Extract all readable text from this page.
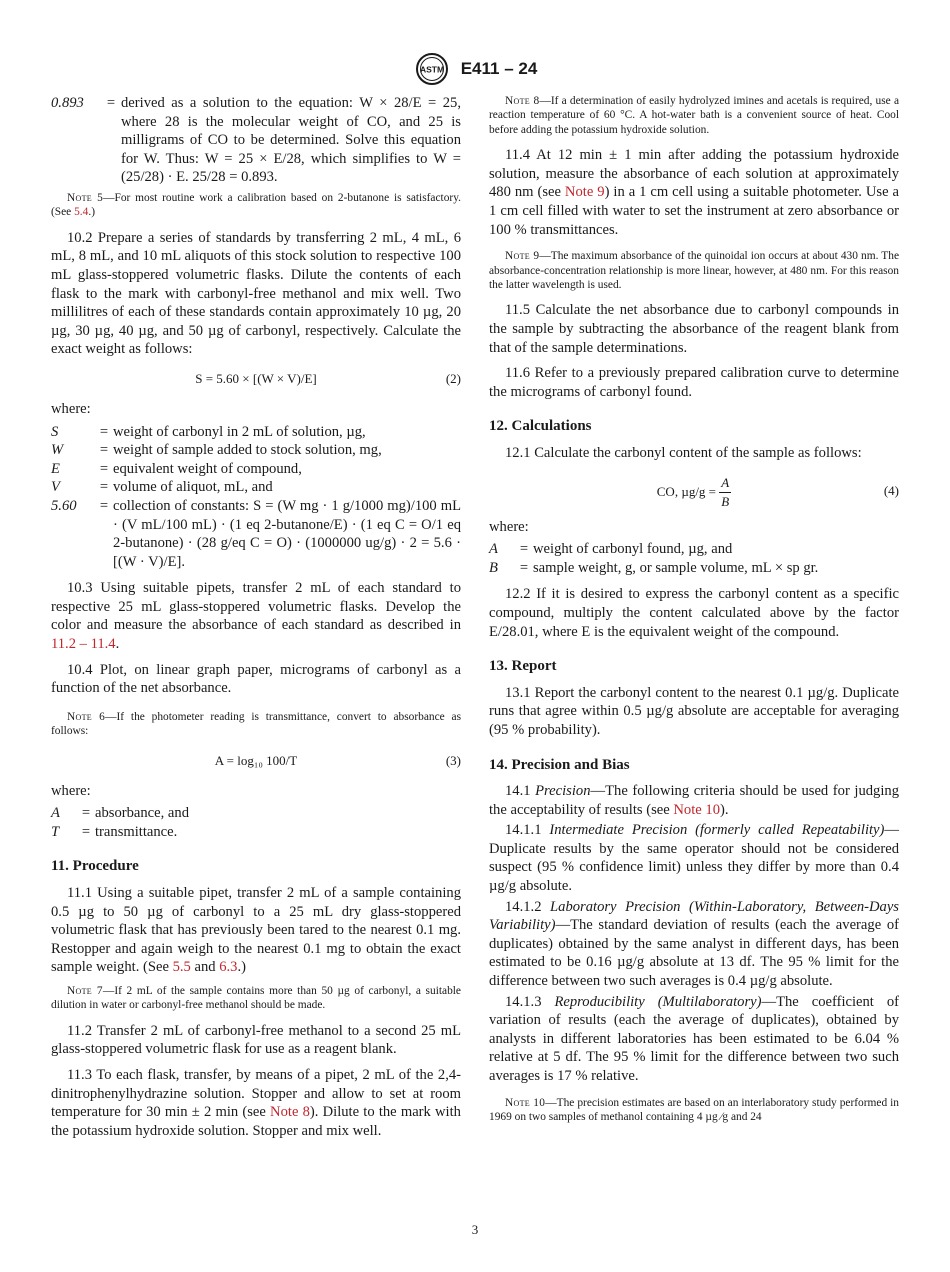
ASTM E411 – 24
0.893	= derived as a solution to the equation: W × 28/E = 25, where 28 is the molecular weight of CO, and 25 is milligrams of CO to be determined. Solve this equation for W. Thus: W = 25 × E/28, which simplifies to W = (25/28) · E. 25/28 = 0.893.

Note 5—For most routine work a calibration based on 2-butanone is satisfactory. (See 5.4.)

10.2 Prepare a series of standards by transferring 2 mL, 4 mL, 6 mL, 8 mL, and 10 mL aliquots of this stock solution to respective 100 mL glass-stoppered volumetric flasks. Dilute the contents of each flask to the mark with carbonyl-free methanol and mix well. Two millilitres of each of these standards contain approximately 10 µg, 20 µg, 30 µg, 40 µg, and 50 µg of carbonyl, respectively. Calculate the exact weight as follows:

S = 5.60 × [(W × V)/E]	(2)

where:

S	= weight of carbonyl in 2 mL of solution, µg,
W	= weight of sample added to stock solution, mg,
E	= equivalent weight of compound,
V	= volume of aliquot, mL, and
5.60	= collection of constants: S = (W mg · 1 g/1000 mg)/100 mL · (V mL/100 mL) · (1 eq 2-butanone/E) · (1 eq C = O/1 eq 2-butanone) · (28 g/eq C = O) · (1000000 ug/g) · 2 = 5.6 · [(W · V)/E].

10.3 Using suitable pipets, transfer 2 mL of each standard to respective 25 mL glass-stoppered volumetric flasks. Develop the color and measure the absorbance of each standard as described in 11.2 – 11.4.

10.4 Plot, on linear graph paper, micrograms of carbonyl as a function of the net absorbance.

Note 6—If the photometer reading is transmittance, convert to absorbance as follows:

A = log₁₀ 100/T	(3)

where:

A	= absorbance, and
T	= transmittance.
11. Procedure

11.1 Using a suitable pipet, transfer 2 mL of a sample containing 0.5 µg to 50 µg of carbonyl to a 25 mL dry glass-stoppered volumetric flask that has previously been tared to the nearest 0.1 mg. Restopper and again weigh to the nearest 0.1 mg to obtain the exact sample weight. (See 5.5 and 6.3.)

Note 7—If 2 mL of the sample contains more than 50 µg of carbonyl, a suitable dilution in water or carbonyl-free methanol should be made.

11.2 Transfer 2 mL of carbonyl-free methanol to a second 25 mL glass-stoppered volumetric flask for use as a reagent blank.

11.3 To each flask, transfer, by means of a pipet, 2 mL of the 2,4-dinitrophenylhydrazine solution. Stopper and allow to set at room temperature for 30 min ± 2 min (see Note 8). Dilute to the mark with the potassium hydroxide solution. Stopper and mix well.

Note 8—If a determination of easily hydrolyzed imines and acetals is required, use a reaction temperature of 60 °C. A hot-water bath is a convenient source of heat. Cool before adding the potassium hydroxide solution.

11.4 At 12 min ± 1 min after adding the potassium hydroxide solution, measure the absorbance of each solution at approximately 480 nm (see Note 9) in a 1 cm cell using a suitable photometer. Use a 1 cm cell filled with water to set the instrument at zero absorbance or 100 % transmittances.

Note 9—The maximum absorbance of the quinoidal ion occurs at about 430 nm. The absorbance-concentration relationship is more linear, however, at 480 nm. For this reason the latter wavelength is used.

11.5 Calculate the net absorbance due to carbonyl compounds in the sample by subtracting the absorbance of the reagent blank from that of the sample determinations.

11.6 Refer to a previously prepared calibration curve to determine the micrograms of carbonyl found.

12. Calculations

12.1 Calculate the carbonyl content of the sample as follows:

CO, $\mu g/g = \frac{A}{B}$	(4)

where:

A	= weight of carbonyl found, µg, and
B	= sample weight, g, or sample volume, mL × sp gr.

12.2 If it is desired to express the carbonyl content as a specific compound, multiply the content calculated above by the factor E/28.01, where E is the equivalent weight of the compound.

13. Report

13.1 Report the carbonyl content to the nearest 0.1 µg/g. Duplicate runs that agree within 0.5 µg/g absolute are acceptable for averaging (95 % probability).

14. Precision and Bias

14.1 Precision—The following criteria should be used for judging the acceptability of results (see Note 10).

14.1.1 Intermediate Precision (formerly called Repeatability)—Duplicate results by the same operator should not be considered suspect (95 % confidence limit) unless they differ by more than 0.4 µg/g absolute.

14.1.2 Laboratory Precision (Within-Laboratory, Between-Days Variability)—The standard deviation of results (each the average of duplicates) obtained by the same analyst in different days, has been estimated to be 0.16 µg/g absolute at 13 df. The 95 % limit for the difference between two such averages is 0.4 µg/g absolute.

14.1.3 Reproducibility (Multilaboratory)—The coefficient of variation of results (each the average of duplicates), obtained by analysts in different laboratories has been estimated to be 6.04 % relative at 5 df. The 95 % limit for the difference between two such averages is 17 % relative.

Note 10—The precision estimates are based on an interlaboratory study performed in 1969 on two samples of methanol containing 4 µg ⁄g and 24

3
